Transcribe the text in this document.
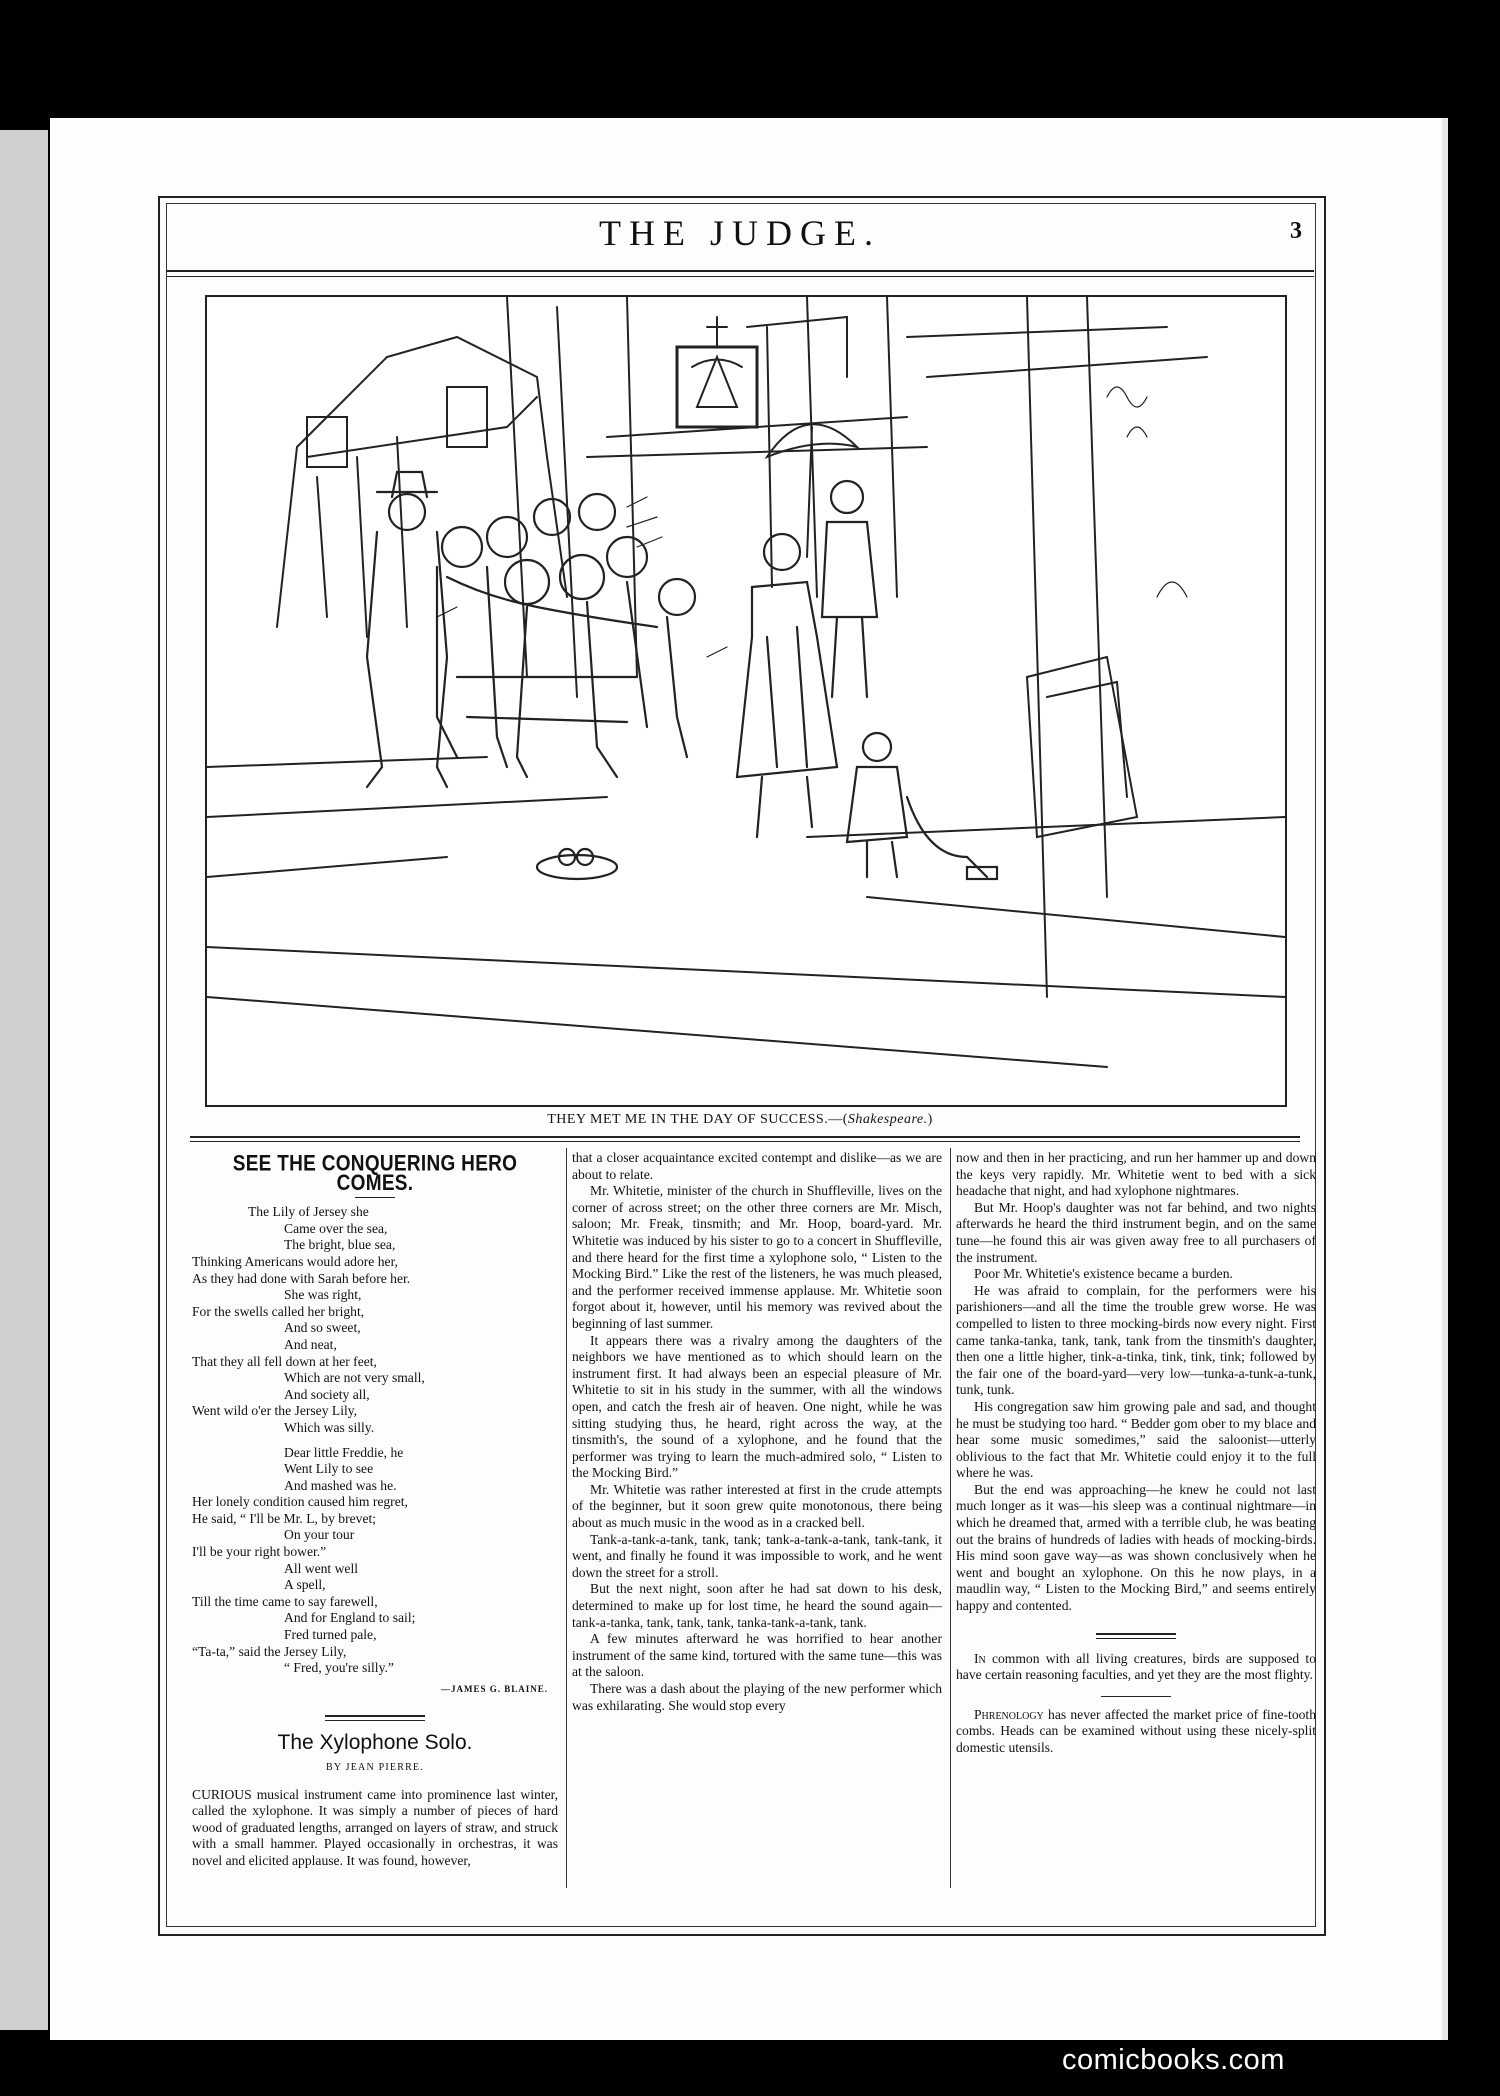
THE JUDGE.	3
THEY MET ME IN THE DAY OF SUCCESS.—(Shakespeare.)
SEE THE CONQUERING HERO COMES.
The Lily of Jersey she
Came over the sea,
The bright, blue sea,
Thinking Americans would adore her,
As they had done with Sarah before her.
She was right,
For the swells called her bright,
And so sweet,
And neat,
That they all fell down at her feet,
Which are not very small,
And society all,
Went wild o'er the Jersey Lily,
Which was silly.
Dear little Freddie, he
Went Lily to see
And mashed was he.
Her lonely condition caused him regret,
He said, “ I'll be Mr. L, by brevet;
On your tour
I'll be your right bower.”
All went well
A spell,
Till the time came to say farewell,
And for England to sail;
Fred turned pale,
“Ta-ta,” said the Jersey Lily,
“ Fred, you're silly.”
—JAMES G. BLAINE.
The Xylophone Solo.
BY JEAN PIERRE.

CURIOUS musical instrument came into prominence last winter, called the xylophone. It was simply a number of pieces of hard wood of graduated lengths, arranged on layers of straw, and struck with a small hammer. Played occasionally in orchestras, it was novel and elicited applause. It was found, however,

that a closer acquaintance excited contempt and dislike—as we are about to relate.

Mr. Whitetie, minister of the church in Shuffleville, lives on the corner of across street; on the other three corners are Mr. Misch, saloon; Mr. Freak, tinsmith; and Mr. Hoop, board-yard. Mr. Whitetie was induced by his sister to go to a concert in Shuffleville, and there heard for the first time a xylophone solo, “ Listen to the Mocking Bird.” Like the rest of the listeners, he was much pleased, and the performer received immense applause. Mr. Whitetie soon forgot about it, however, until his memory was revived about the beginning of last summer.

It appears there was a rivalry among the daughters of the neighbors we have mentioned as to which should learn on the instrument first. It had always been an especial pleasure of Mr. Whitetie to sit in his study in the summer, with all the windows open, and catch the fresh air of heaven. One night, while he was sitting studying thus, he heard, right across the way, at the tinsmith's, the sound of a xylophone, and he found that the performer was trying to learn the much-admired solo, “ Listen to the Mocking Bird.”

Mr. Whitetie was rather interested at first in the crude attempts of the beginner, but it soon grew quite monotonous, there being about as much music in the wood as in a cracked bell.

Tank-a-tank-a-tank, tank, tank; tank-a-tank-a-tank, tank-tank, it went, and finally he found it was impossible to work, and he went down the street for a stroll.

But the next night, soon after he had sat down to his desk, determined to make up for lost time, he heard the sound again—tank-a-tanka, tank, tank, tank, tanka-tank-a-tank, tank.

A few minutes afterward he was horrified to hear another instrument of the same kind, tortured with the same tune—this was at the saloon.

There was a dash about the playing of the new performer which was exhilarating. She would stop every

now and then in her practicing, and run her hammer up and down the keys very rapidly. Mr. Whitetie went to bed with a sick headache that night, and had xylophone nightmares.

But Mr. Hoop's daughter was not far behind, and two nights afterwards he heard the third instrument begin, and on the same tune—he found this air was given away free to all purchasers of the instrument.

Poor Mr. Whitetie's existence became a burden.

He was afraid to complain, for the performers were his parishioners—and all the time the trouble grew worse. He was compelled to listen to three mocking-birds now every night. First came tanka-tanka, tank, tank, tank from the tinsmith's daughter, then one a little higher, tink-a-tinka, tink, tink, tink; followed by the fair one of the board-yard—very low—tunka-a-tunk-a-tunk, tunk, tunk.

His congregation saw him growing pale and sad, and thought he must be studying too hard. “ Bedder gom ober to my blace and hear some music somedimes,” said the saloonist—utterly oblivious to the fact that Mr. Whitetie could enjoy it to the full where he was.

But the end was approaching—he knew he could not last much longer as it was—his sleep was a continual nightmare—in which he dreamed that, armed with a terrible club, he was beating out the brains of hundreds of ladies with heads of mocking-birds. His mind soon gave way—as was shown conclusively when he went and bought an xylophone. On this he now plays, in a maudlin way, “ Listen to the Mocking Bird,” and seems entirely happy and contented.

In common with all living creatures, birds are supposed to have certain reasoning faculties, and yet they are the most flighty.

Phrenology has never affected the market price of fine-tooth combs. Heads can be examined without using these nicely-split domestic utensils.

comicbooks.com
